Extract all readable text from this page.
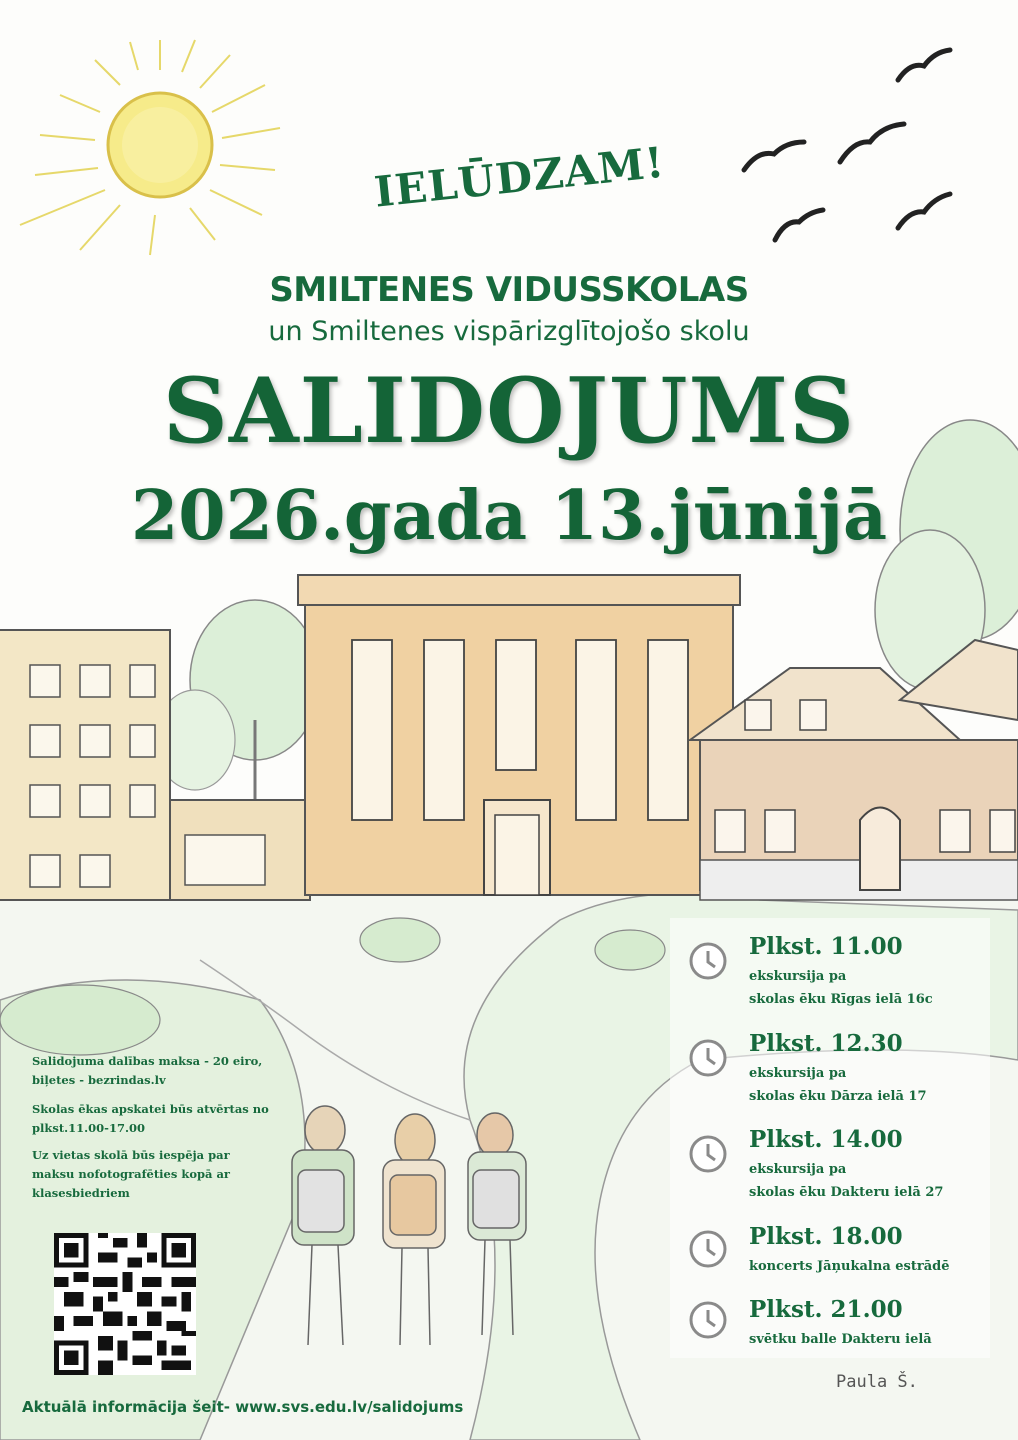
IELŪDZAM!

SMILTENES VIDUSSKOLAS

un Smiltenes vispārizglītojošo skolu

SALIDOJUMS

2026.gada 13.jūnijā

Plkst. 11.00
ekskursija pa
skolas ēku Rīgas ielā 16c
Plkst. 12.30
ekskursija pa
skolas ēku Dārza ielā 17
Plkst. 14.00
ekskursija pa
skolas ēku Dakteru ielā 27
Plkst. 18.00
koncerts Jāņukalna estrādē
Plkst. 21.00
svētku balle Dakteru ielā
Salidojuma dalības maksa - 20 eiro,
biļetes - bezrindas.lv
Skolas ēkas apskatei būs atvērtas no
plkst.11.00-17.00
Uz vietas skolā būs iespēja par
maksu nofotografēties kopā ar
klasesbiedriem

Aktuālā informācija šeit- www.svs.edu.lv/salidojums

Paula Š.
